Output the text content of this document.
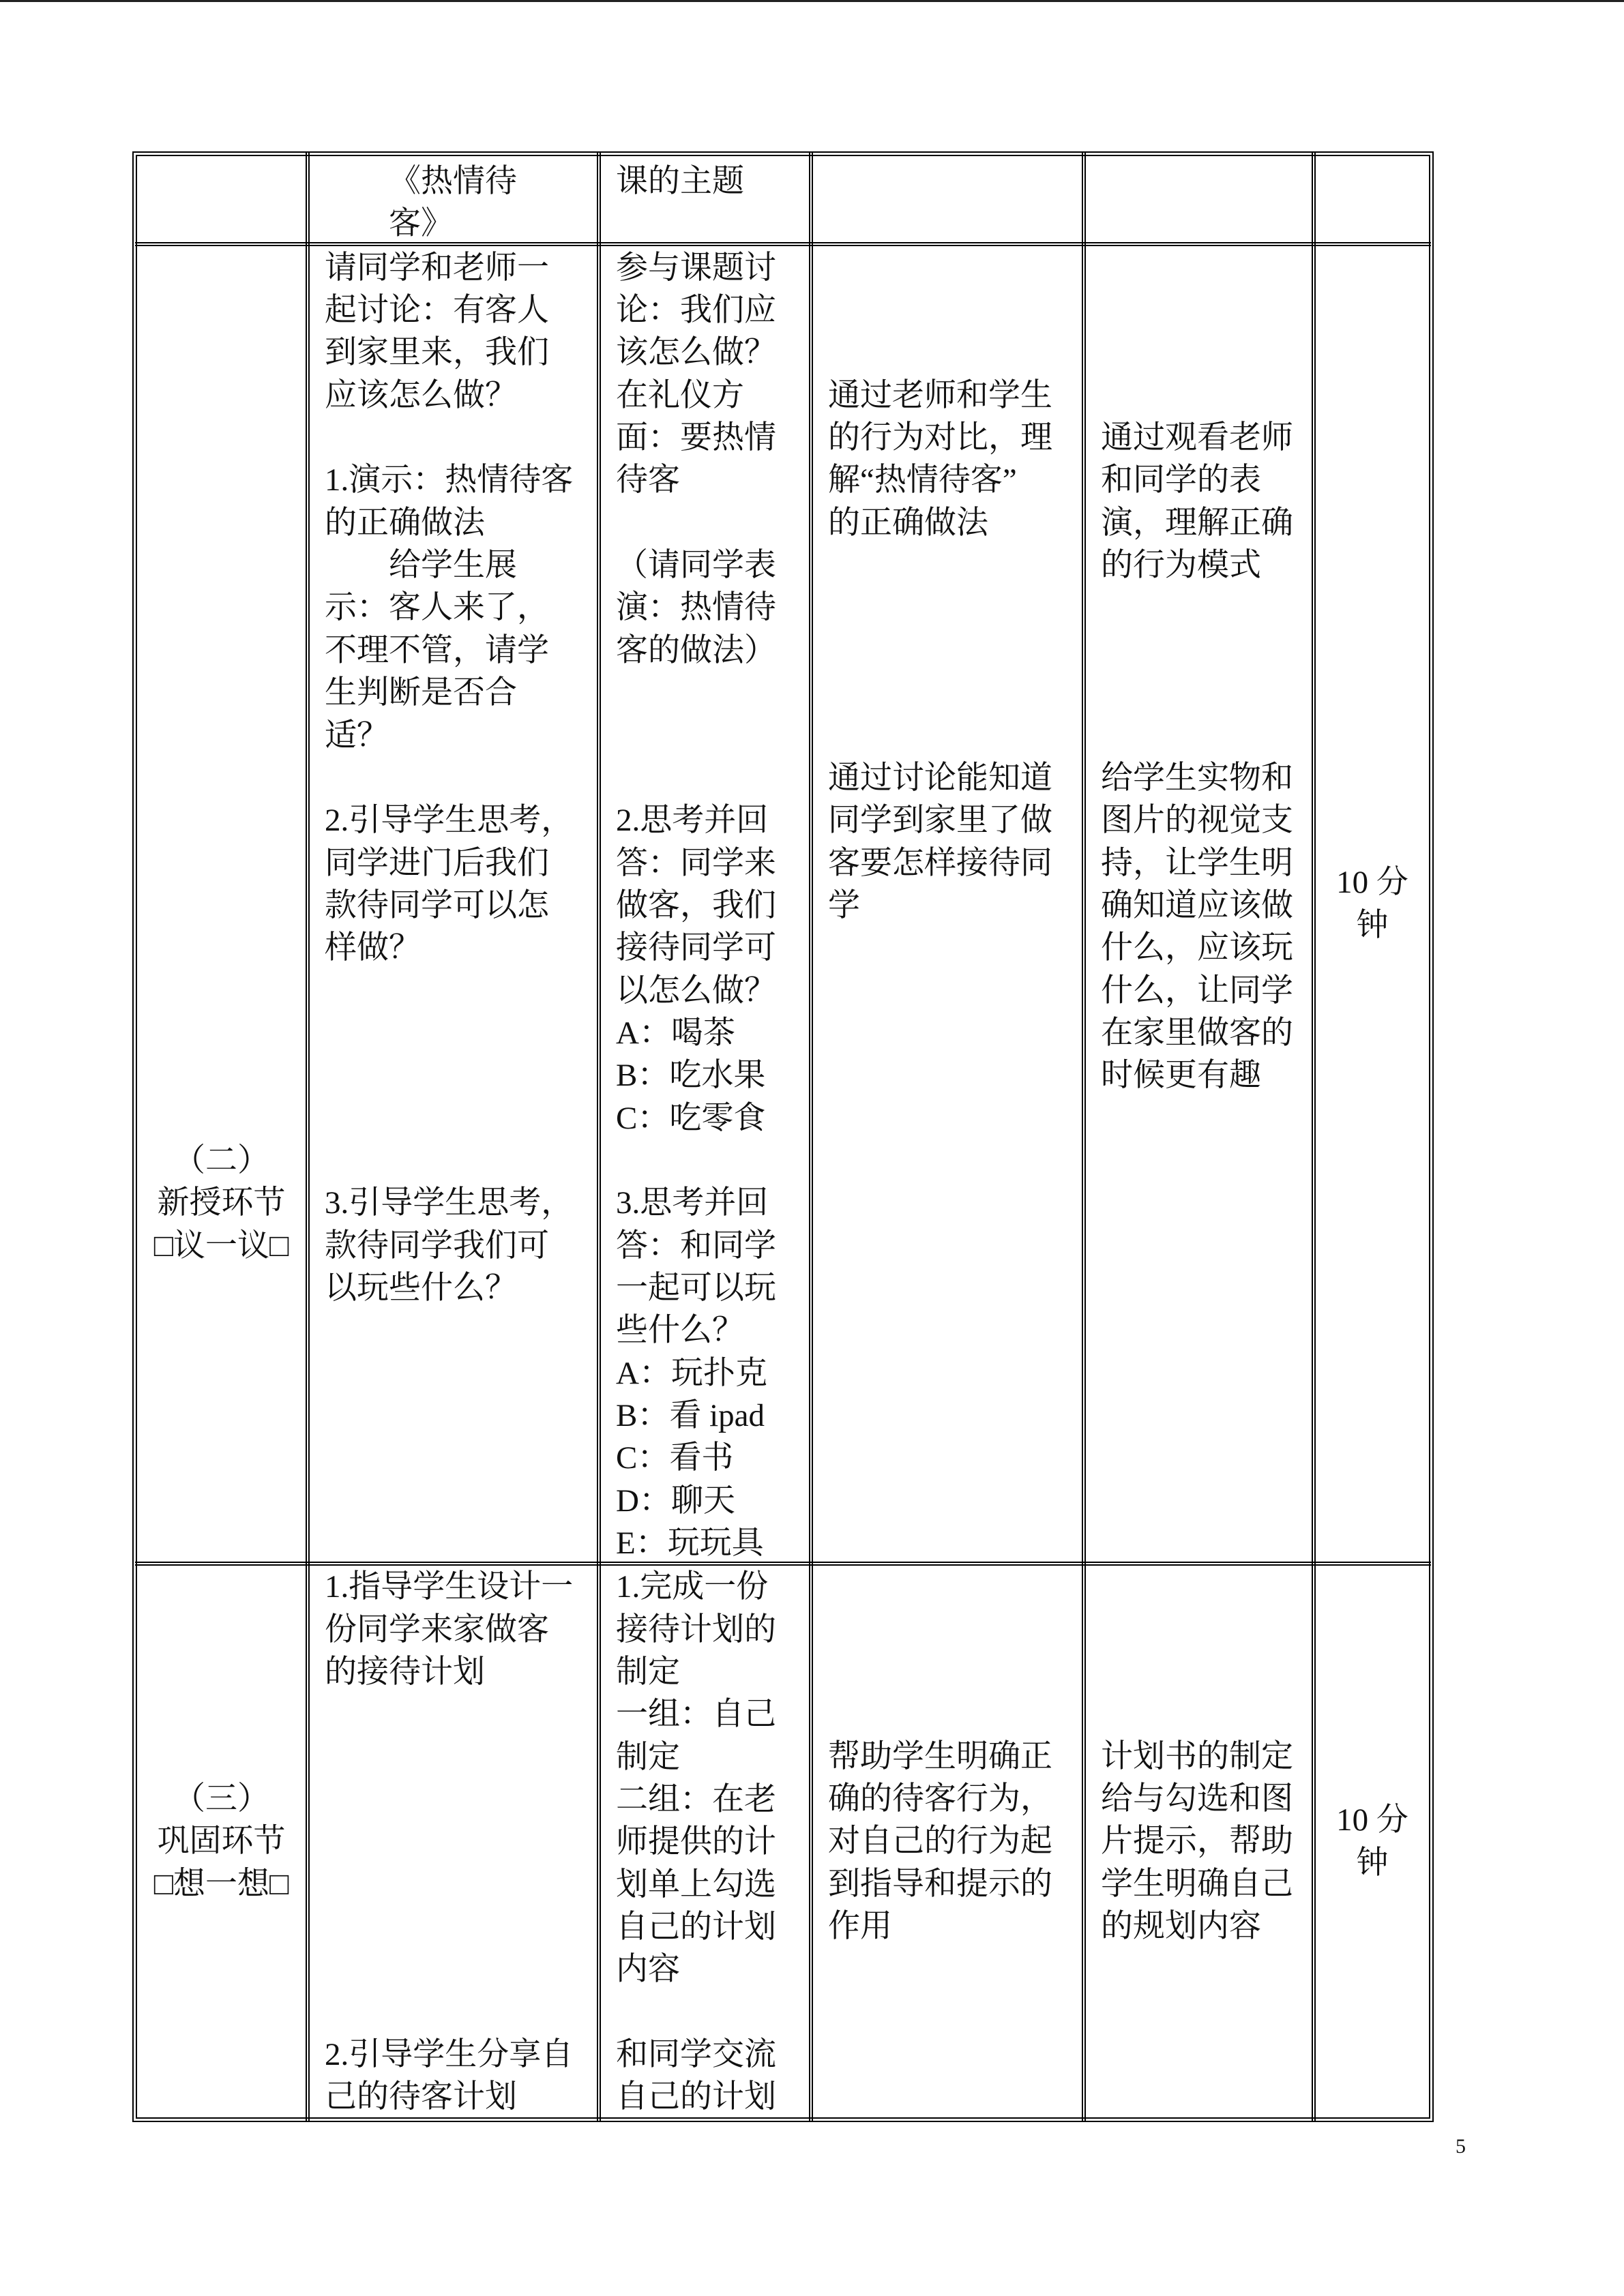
《热情待
客》
课的主题
（二）
新授环节
□议一议□
请同学和老师一
起讨论：有客人
到家里来，我们
应该怎么做？
1.演示：热情待客
的正确做法
给学生展
示：客人来了，
不理不管，请学
生判断是否合
适？
2.引导学生思考，
同学进门后我们
款待同学可以怎
样做？
3.引导学生思考，
款待同学我们可
以玩些什么？
参与课题讨
论：我们应
该怎么做？
在礼仪方
面：要热情
待客
（请同学表
演：热情待
客的做法）
2.思考并回
答：同学来
做客，我们
接待同学可
以怎么做？
A：喝茶
B：吃水果
C：吃零食
3.思考并回
答：和同学
一起可以玩
些什么？
A：玩扑克
B：看 ipad
C：看书
D：聊天
E：玩玩具
通过老师和学生
的行为对比，理
解“热情待客”
的正确做法
通过讨论能知道
同学到家里了做
客要怎样接待同
学
通过观看老师
和同学的表
演，理解正确
的行为模式
给学生实物和
图片的视觉支
持，让学生明
确知道应该做
什么，应该玩
什么，让同学
在家里做客的
时候更有趣
10 分
钟
（三）
巩固环节
□想一想□
1.指导学生设计一
份同学来家做客
的接待计划
2.引导学生分享自
己的待客计划
1.完成一份
接待计划的
制定
一组：自己
制定
二组：在老
师提供的计
划单上勾选
自己的计划
内容
和同学交流
自己的计划
帮助学生明确正
确的待客行为，
对自己的行为起
到指导和提示的
作用
计划书的制定
给与勾选和图
片提示，帮助
学生明确自己
的规划内容
10 分
钟
5
